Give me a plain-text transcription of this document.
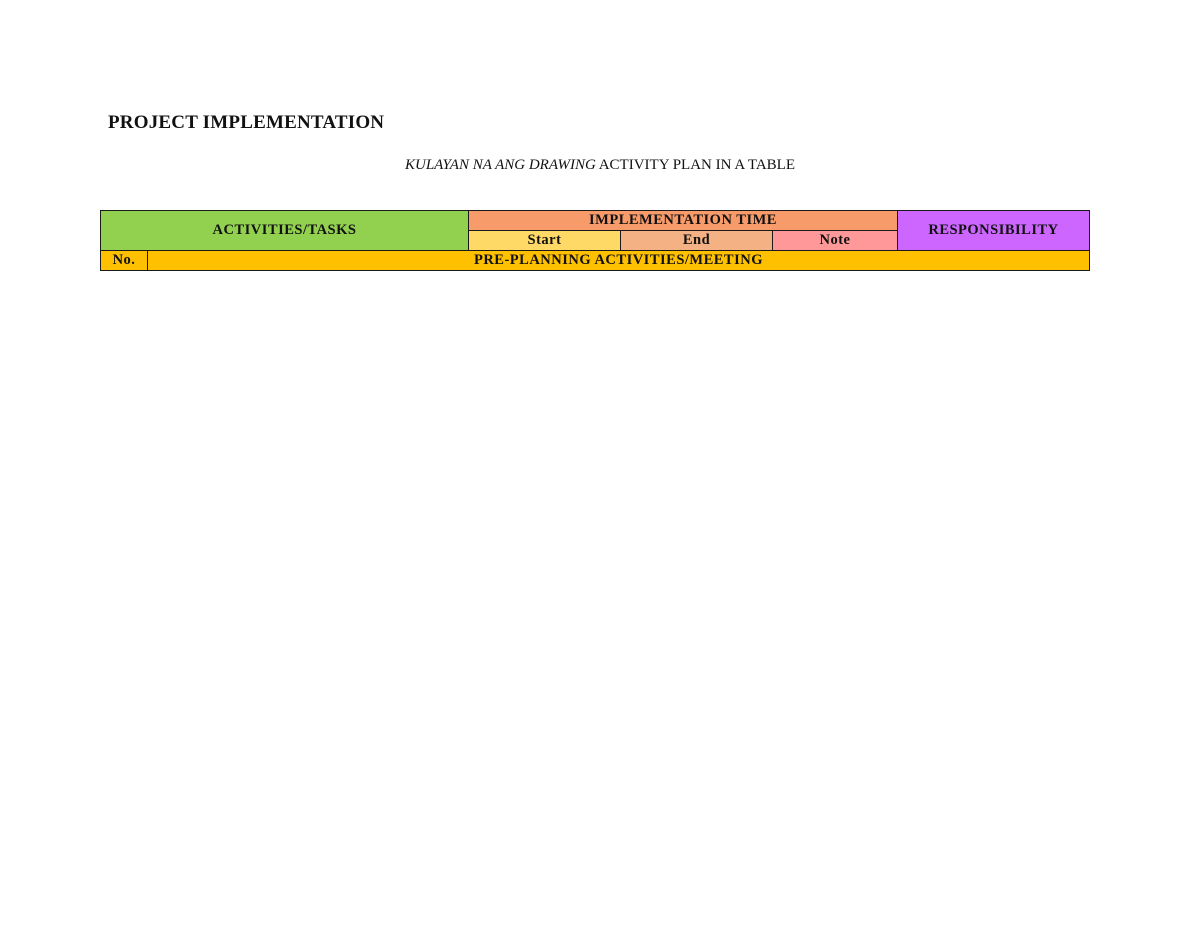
PROJECT IMPLEMENTATION
KULAYAN NA ANG DRAWING ACTIVITY PLAN IN A TABLE
ACTIVITIES/TASKS		IMPLEMENTATION TIME			RESPONSIBILITY
		Start	End	Note	
No.	PRE-PLANNING ACTIVITIES/MEETING				
